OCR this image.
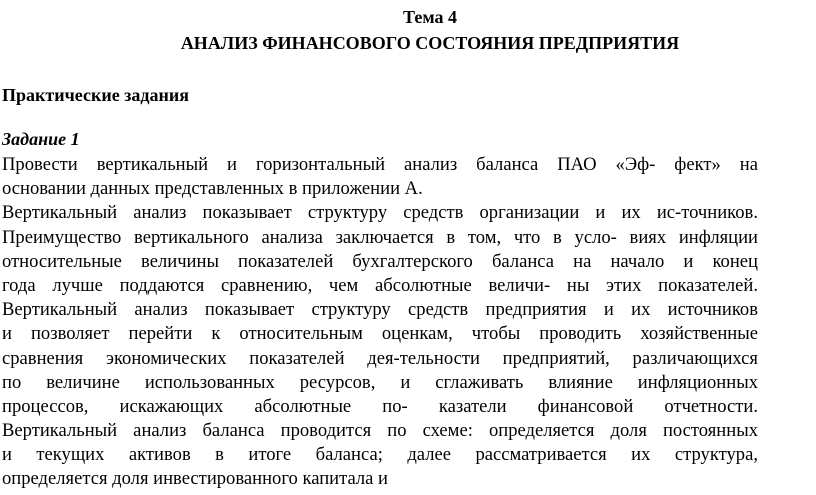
Тема 4
АНАЛИЗ ФИНАНСОВОГО СОСТОЯНИЯ ПРЕДПРИЯТИЯ
Практические задания
Задание 1
Провести вертикальный и горизонтальный анализ баланса ПАО «Эф- фект» на
основании данных представленных в приложении А.
Вертикальный анализ показывает структуру средств организации и их ис-точников.
Преимущество вертикального анализа заключается в том, что в усло- виях инфляции
относительные величины показателей бухгалтерского баланса на начало и конец
года лучше поддаются сравнению, чем абсолютные величи- ны этих показателей.
Вертикальный анализ показывает структуру средств предприятия и их источников
и позволяет перейти к относительным оценкам, чтобы проводить хозяйственные
сравнения экономических показателей дея-тельности предприятий, различающихся
по величине использованных ресурсов, и сглаживать влияние инфляционных
процессов, искажающих абсолютные по- казатели финансовой отчетности.
Вертикальный анализ баланса проводится по схеме: определяется доля постоянных
и текущих активов в итоге баланса; далее рассматривается их структура,
определяется доля инвестированного капитала и
